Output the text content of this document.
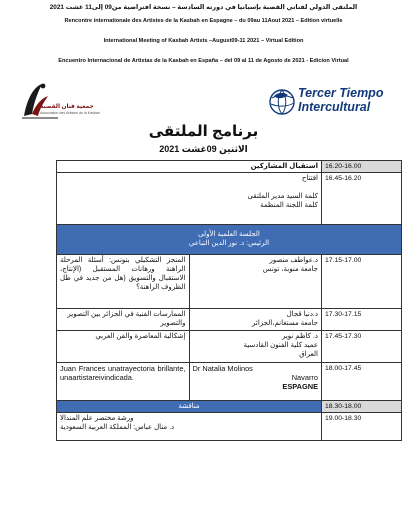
الملتقى الدولي لفناني القصبة بإسبانيا في دورته السادسة – نسخة افتراضية من09 إلى11 غشت 2021
Rencontre internationale des Artistes de la Kasbah en Espagne – du 09au 11Aout 2021 – Edition virtuelle
International Meeting of Kasbah Artists –August09-11 2021 – Virtual Edition
Encuentro Internacional de Artistas de la Kasbah en España – del 09 al 11 de Agosto de 2021 - Edicion Virtual
جمعية فنان القصبة
Association des Artistes de la Kasbah
Tercer Tiempo
Intercultural
برنامج الملتقى
الاثنين 09غشت 2021
استقبال المشاركين		16.20-16.00

افتتاح
كلمة السيد مدير الملتقى
كلمة اللجنة المنظمة		16.45-16.20

الجلسة العلمية الأولى
الرئيس: د. نور الدين التباعي		

المنجز التشكيلي بتونس: أسئلة المرحلة الراهنة ورهانات المستقبل (الإنتاج، الاستقبال والتسويق (هل من جديد في ظل الظروف الراهنة؟	د.عواطف منصور
جامعة منوبة، تونس	17.15-17.00
الممارسات الفنية في الجزائر بين التصوير والتصوير	د.دنيا قجال
جامعة مستغانم،الجزائر	17.30-17.15
إشكالية المعاصرة والفن العربي	د. كاظم نوير
عميد كلية الفنون القادسية
العراق	17.45-17.30
Juan Frances unatrayectoria brillante, unaartistareivindicada.	Dr Natalia Molinos
Navarro
ESPAGNE	18.00-17.45
مناقشة		18.30-18.00

ورشة مختصر علم المندالا
د. منال عباس: المملكة العربية السعودية		19.00-18.30
